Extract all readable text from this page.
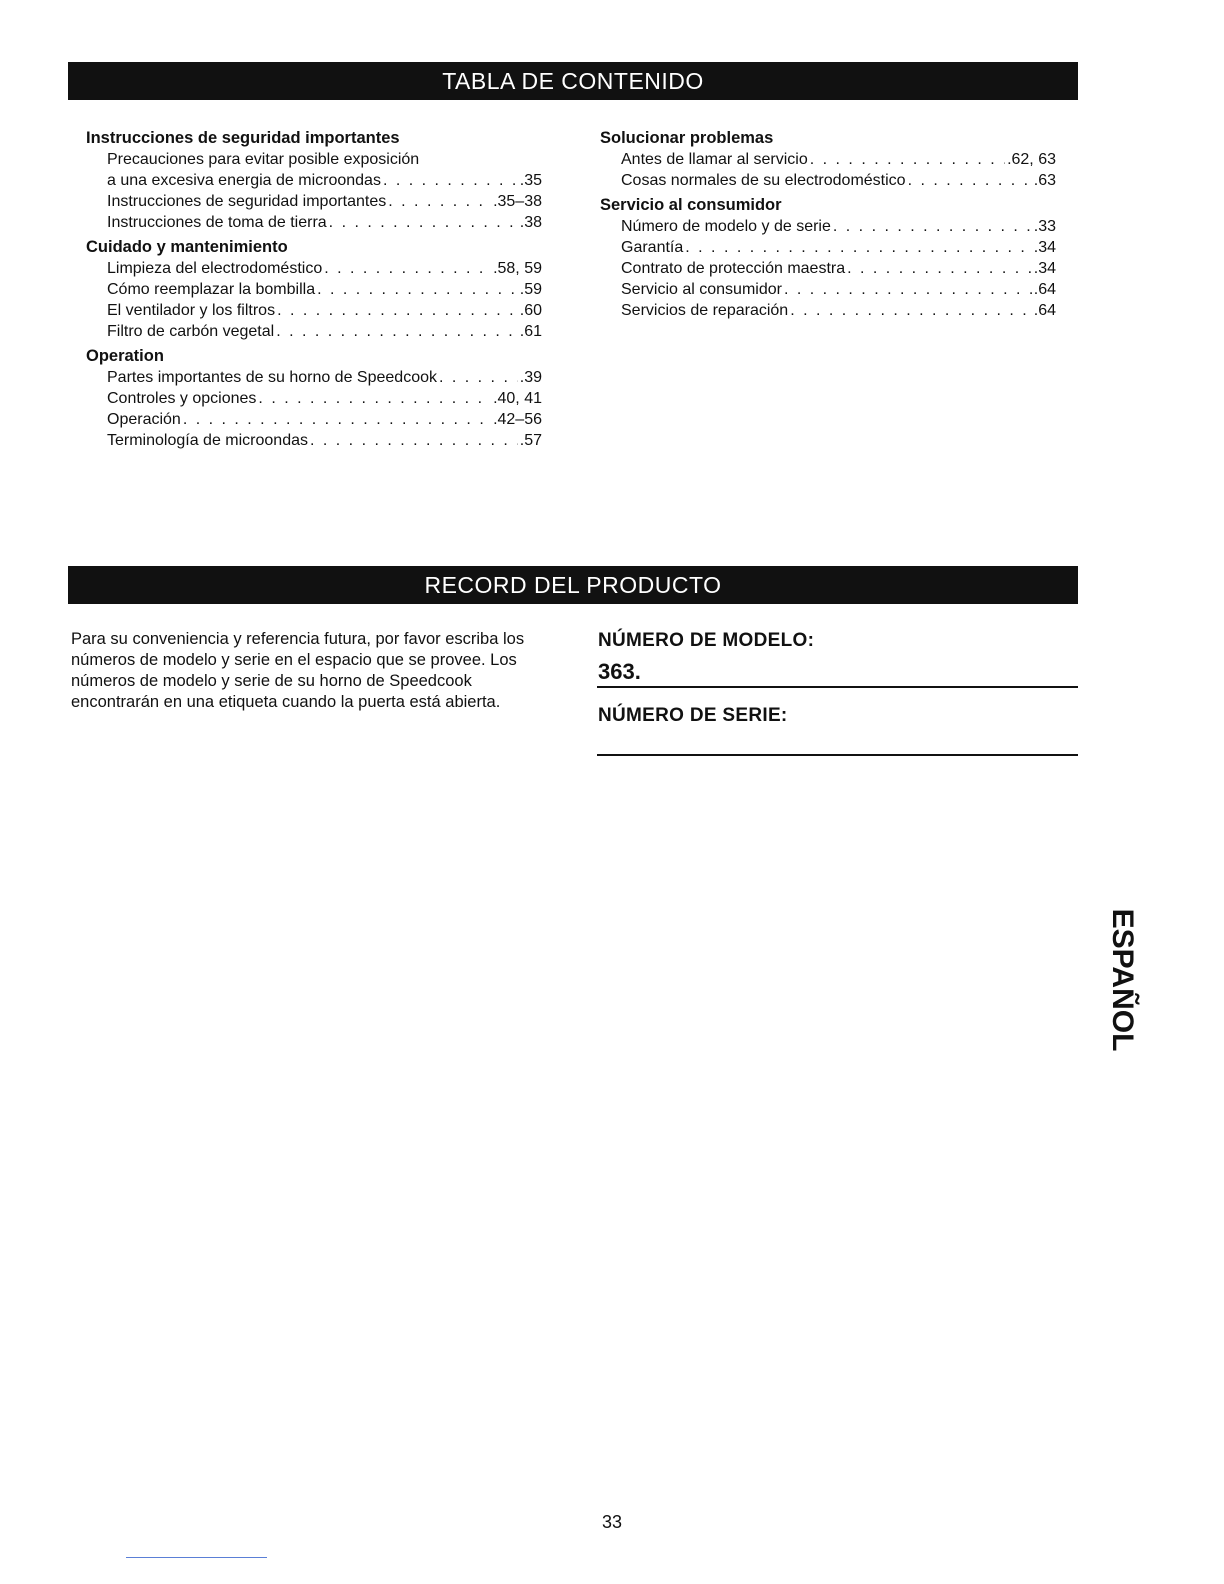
TABLA DE CONTENIDO
Instrucciones de seguridad importantes
Precauciones para evitar posible exposición
a una excesiva energia de microondas . . .	.35
Instrucciones de seguridad importantes . . .	.35–38
Instrucciones de toma de tierra . . .	.38
Cuidado y mantenimiento
Limpieza del electrodoméstico . . .	.58, 59
Cómo reemplazar la bombilla . . .	.59
El ventilador y los filtros . . .	.60
Filtro de carbón vegetal . . .	.61
Operation
Partes importantes de su horno de Speedcook . . .	.39
Controles y opciones . . .	.40, 41
Operación . . .	.42–56
Terminología de microondas . . .	.57
Solucionar problemas
Antes de llamar al servicio . . .	.62, 63
Cosas normales de su electrodoméstico . . .	.63
Servicio al consumidor
Número de modelo y de serie . . .	.33
Garantía . . .	.34
Contrato de protección maestra . . .	.34
Servicio al consumidor . . .	.64
Servicios de reparación . . .	.64
RECORD DEL PRODUCTO
Para su conveniencia y referencia futura, por favor escriba los números de modelo y serie en el espacio que se provee. Los números de modelo y serie de su horno de Speedcook encontrarán en una etiqueta cuando la puerta está abierta.
NÚMERO DE MODELO:
363.
NÚMERO DE SERIE:
ESPAÑOL
33
